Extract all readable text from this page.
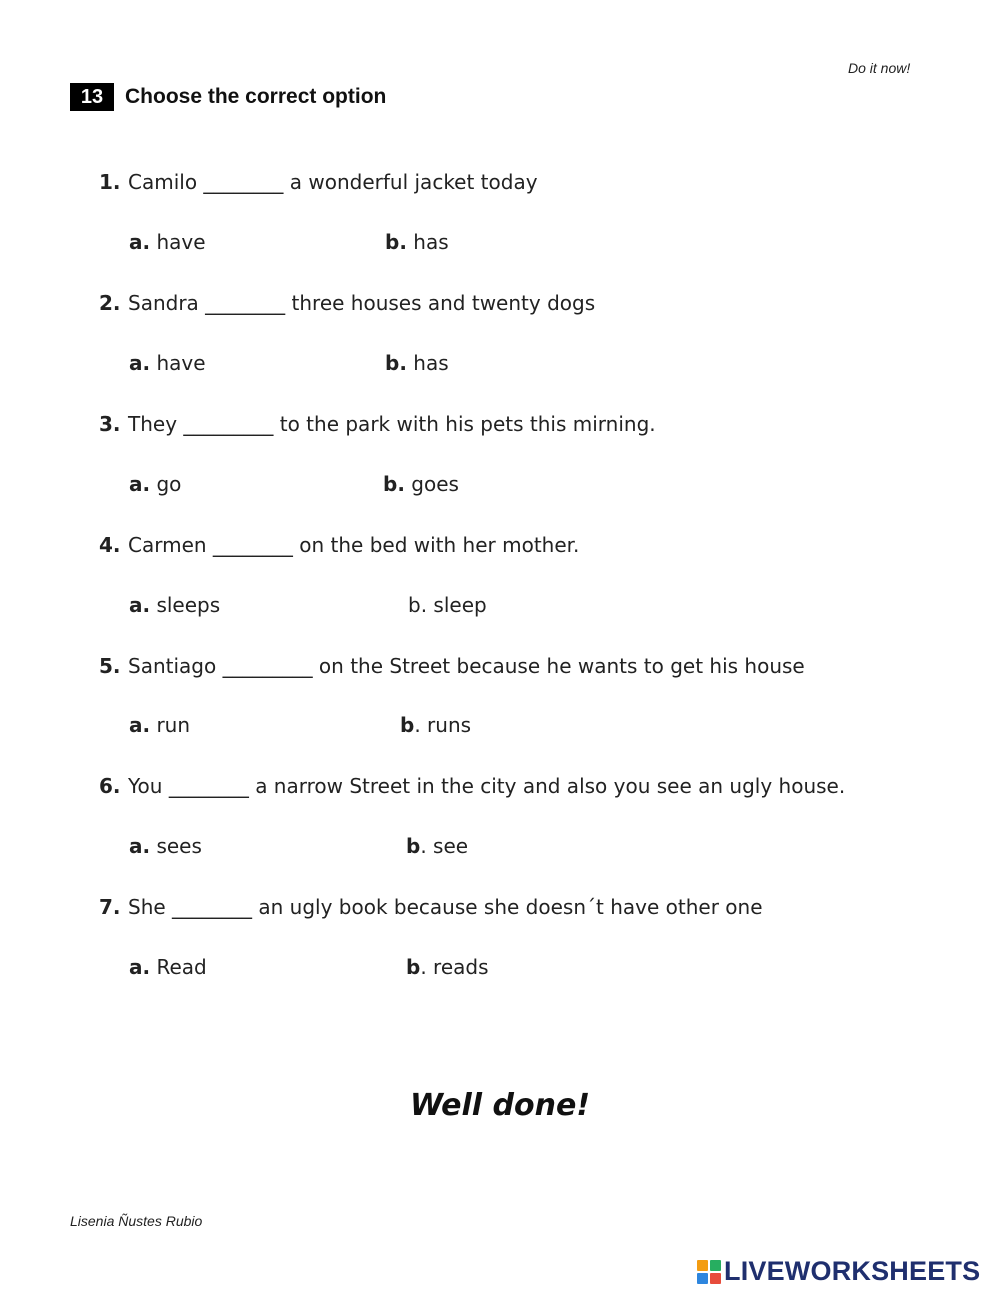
Do it now!
13	Choose the correct option
1. Camilo ________ a wonderful jacket today
a. have	b. has
2. Sandra ________ three houses and twenty dogs
a. have	b. has
3. They _________ to the park with his pets this mirning.
a. go	b. goes
4. Carmen ________ on the bed with her mother.
a. sleeps	b. sleep
5. Santiago _________ on the Street because he wants to get his house
a. run	b. runs
6. You ________ a narrow Street in the city and also you see an ugly house.
a. sees	b. see
7. She ________ an ugly book because she doesn´t have other one
a. Read	b. reads
Well done!
Lisenia Ñustes Rubio
LIVEWORKSHEETS
